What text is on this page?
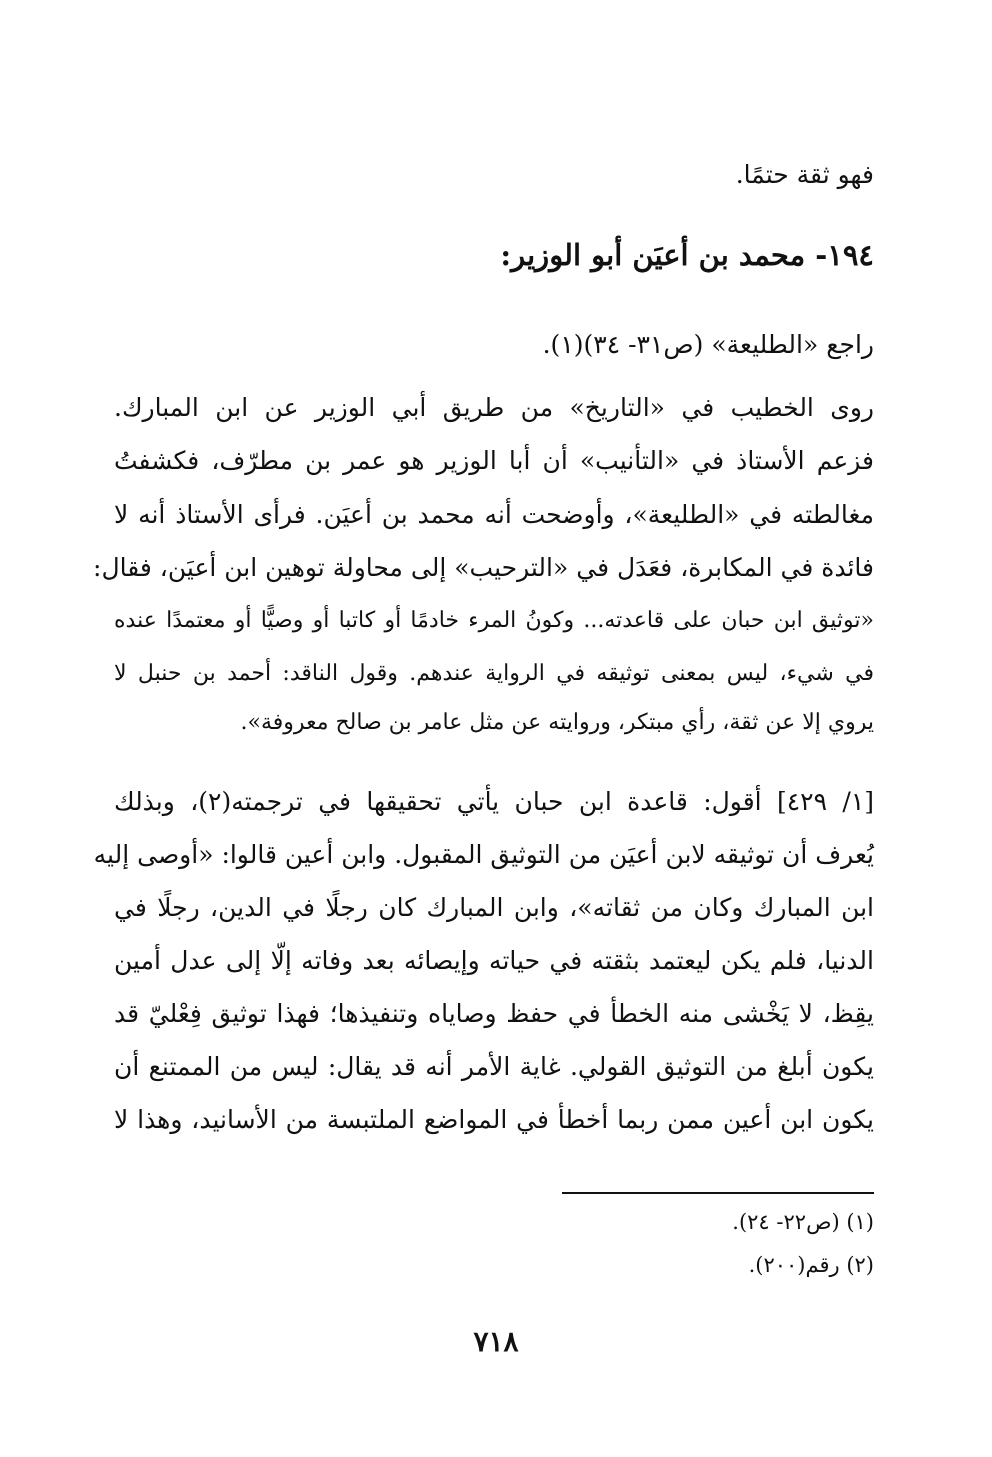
فهو ثقة حتمًا.
١٩٤- محمد بن أعيَن أبو الوزير:
راجع «الطليعة» (ص٣١- ٣٤)(١).
روى الخطيب في «التاريخ» من طريق أبي الوزير عن ابن المبارك.
فزعم الأستاذ في «التأنيب» أن أبا الوزير هو عمر بن مطرّف، فكشفتُ
مغالطته في «الطليعة»، وأوضحت أنه محمد بن أعيَن. فرأى الأستاذ أنه لا
فائدة في المكابرة، فعَدَل في «الترحيب» إلى محاولة توهين ابن أعيَن، فقال:
«توثيق ابن حبان على قاعدته... وكونُ المرء خادمًا أو كاتبا أو وصيًّا أو معتمدًا عنده
في شيء، ليس بمعنى توثيقه في الرواية عندهم. وقول الناقد: أحمد بن حنبل لا
يروي إلا عن ثقة، رأي مبتكر، وروايته عن مثل عامر بن صالح معروفة».
[١/ ٤٢٩] أقول: قاعدة ابن حبان يأتي تحقيقها في ترجمته(٢)، وبذلك
يُعرف أن توثيقه لابن أعيَن من التوثيق المقبول. وابن أعين قالوا: «أوصى إليه
ابن المبارك وكان من ثقاته»، وابن المبارك كان رجلًا في الدين، رجلًا في
الدنيا، فلم يكن ليعتمد بثقته في حياته وإيصائه بعد وفاته إلّا إلى عدل أمين
يقِظ، لا يَخْشى منه الخطأ في حفظ وصاياه وتنفيذها؛ فهذا توثيق فِعْليّ قد
يكون أبلغ من التوثيق القولي. غاية الأمر أنه قد يقال: ليس من الممتنع أن
يكون ابن أعين ممن ربما أخطأ في المواضع الملتبسة من الأسانيد، وهذا لا
(١) (ص٢٢- ٢٤).
(٢) رقم(٢٠٠).
٧١٨
